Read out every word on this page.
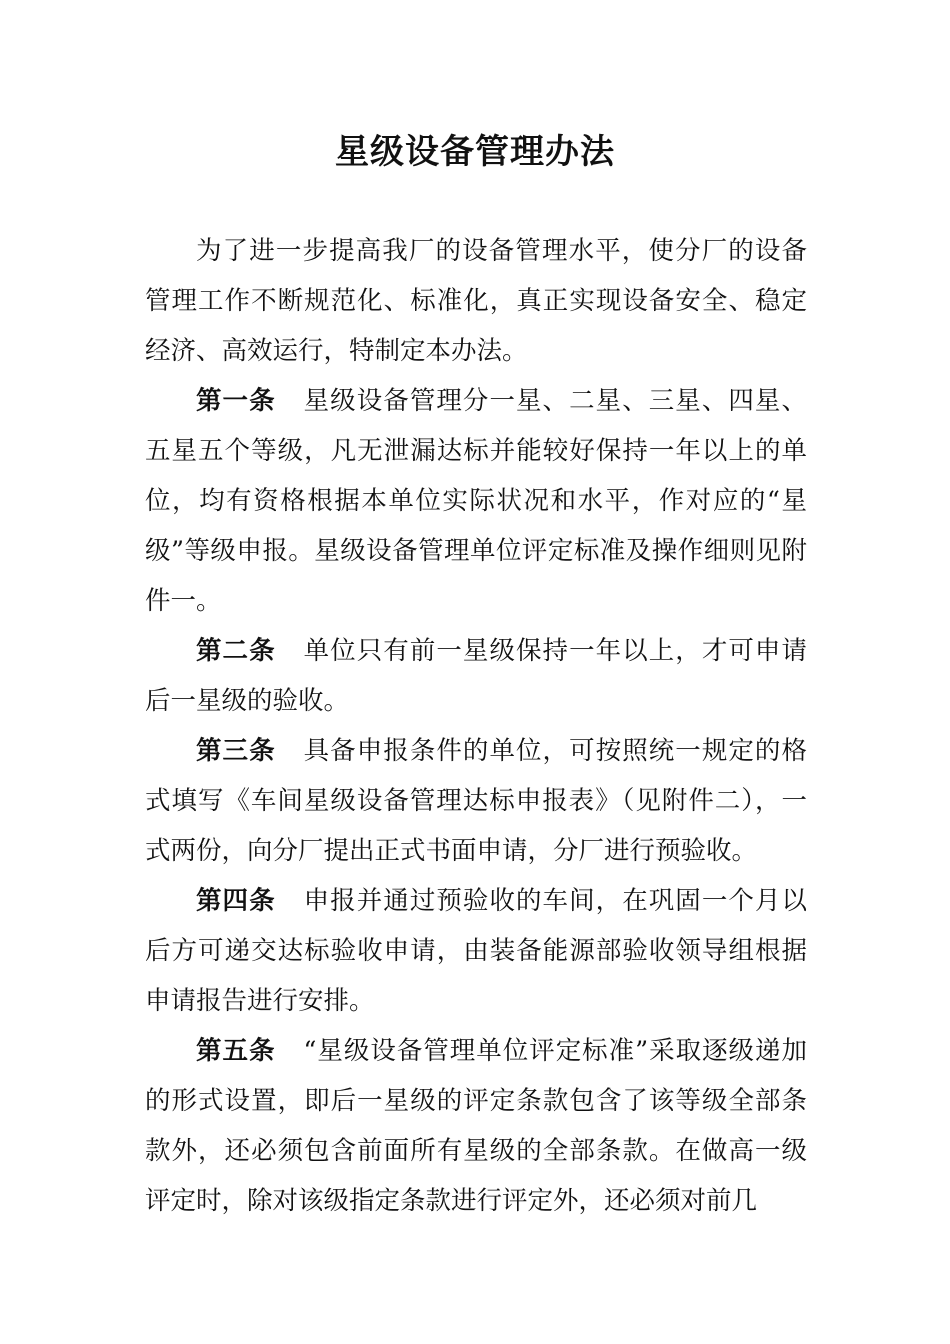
星级设备管理办法

为了进一步提高我厂的设备管理水平，使分厂的设备管理工作不断规范化、标准化，真正实现设备安全、稳定经济、高效运行，特制定本办法。

第一条 星级设备管理分一星、二星、三星、四星、五星五个等级，凡无泄漏达标并能较好保持一年以上的单位，均有资格根据本单位实际状况和水平，作对应的“星级”等级申报。星级设备管理单位评定标准及操作细则见附件一。

第二条 单位只有前一星级保持一年以上，才可申请后一星级的验收。

第三条 具备申报条件的单位，可按照统一规定的格式填写《车间星级设备管理达标申报表》（见附件二），一式两份，向分厂提出正式书面申请，分厂进行预验收。

第四条 申报并通过预验收的车间，在巩固一个月以后方可递交达标验收申请，由装备能源部验收领导组根据申请报告进行安排。

第五条 “星级设备管理单位评定标准”采取逐级递加的形式设置，即后一星级的评定条款包含了该等级全部条款外，还必须包含前面所有星级的全部条款。在做高一级评定时，除对该级指定条款进行评定外，还必须对前几
